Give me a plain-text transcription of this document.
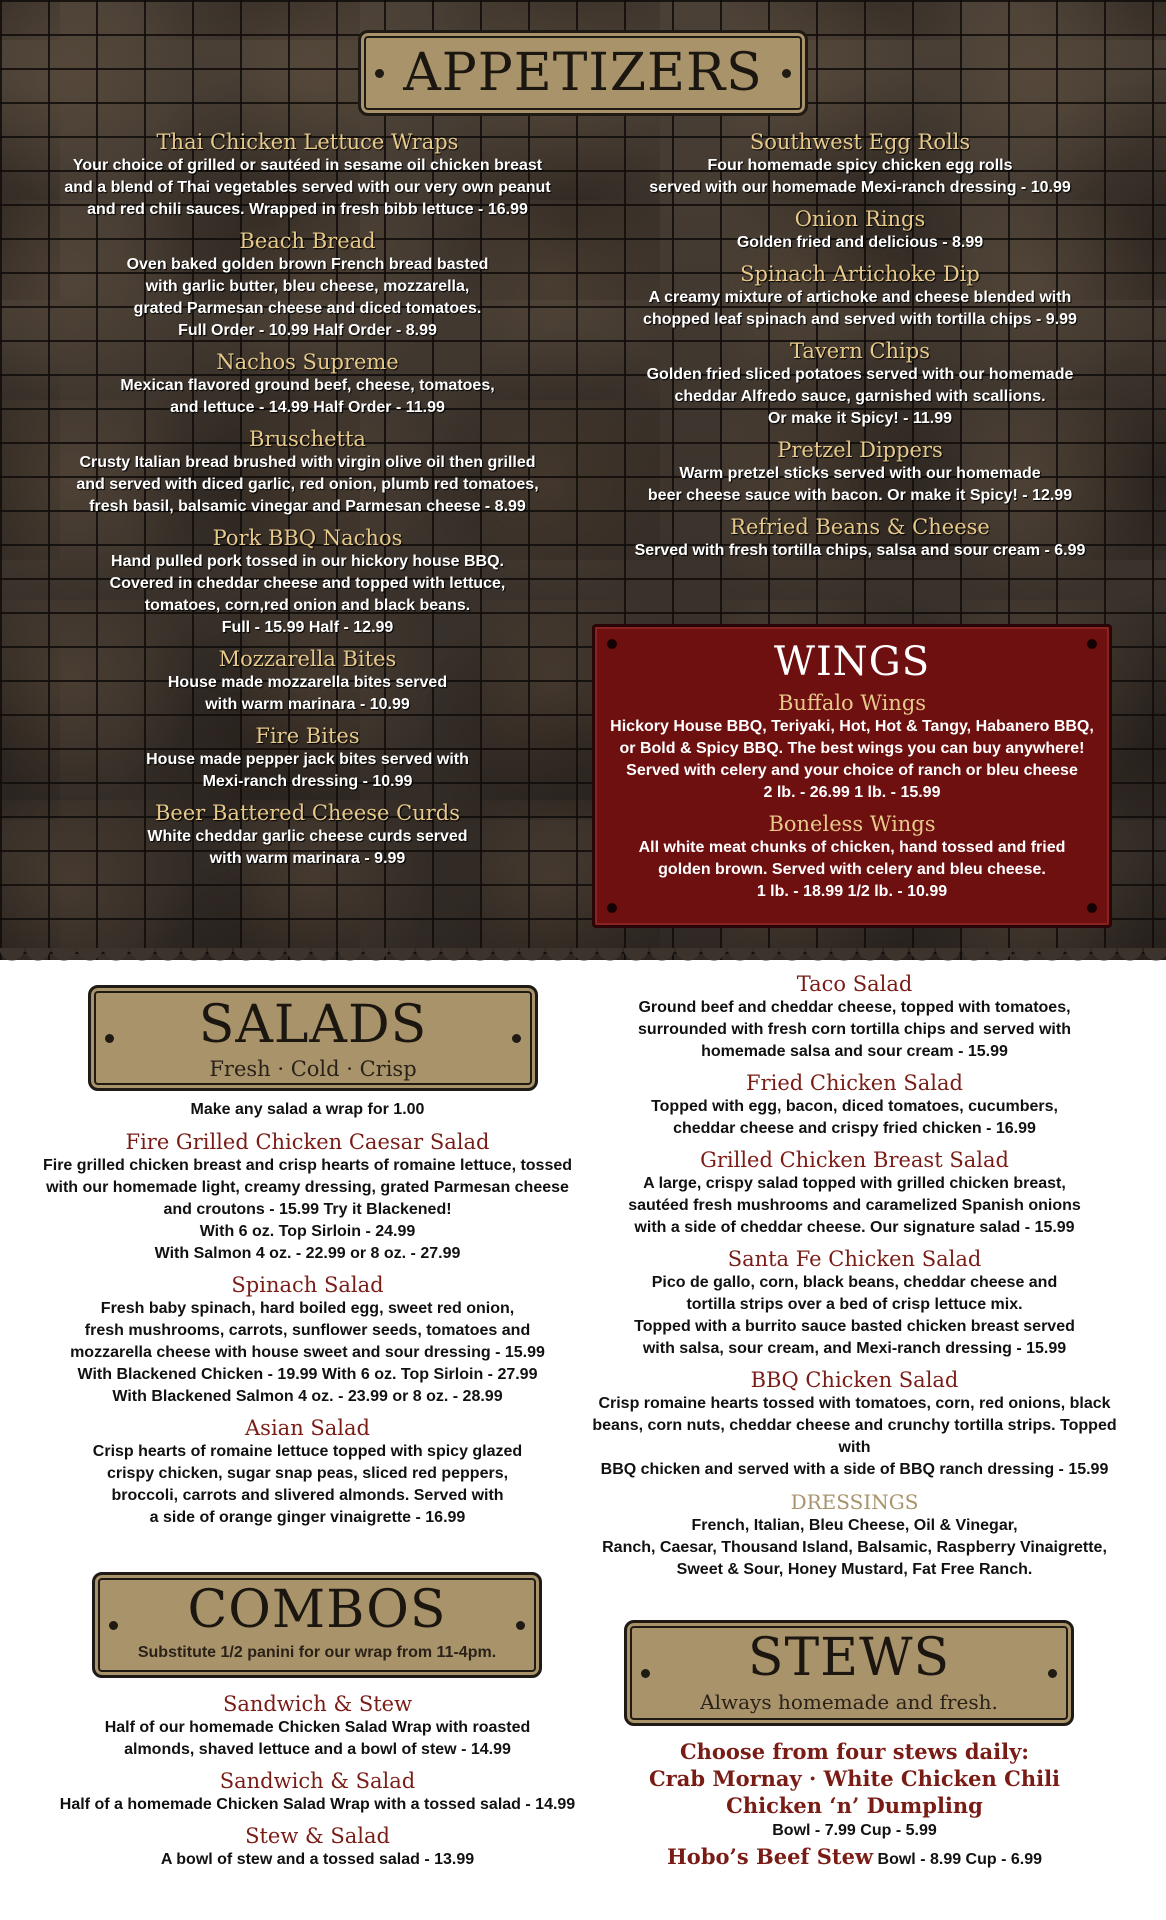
APPETIZERS
Thai Chicken Lettuce Wraps
Your choice of grilled or sautéed in sesame oil chicken breast
and a blend of Thai vegetables served with our very own peanut
and red chili sauces. Wrapped in fresh bibb lettuce - 16.99
Beach Bread
Oven baked golden brown French bread basted
with garlic butter, bleu cheese, mozzarella,
grated Parmesan cheese and diced tomatoes.
Full Order - 10.99 Half Order - 8.99
Nachos Supreme
Mexican flavored ground beef, cheese, tomatoes,
and lettuce - 14.99 Half Order - 11.99
Bruschetta
Crusty Italian bread brushed with virgin olive oil then grilled
and served with diced garlic, red onion, plumb red tomatoes,
fresh basil, balsamic vinegar and Parmesan cheese - 8.99
Pork BBQ Nachos
Hand pulled pork tossed in our hickory house BBQ.
Covered in cheddar cheese and topped with lettuce,
tomatoes, corn,red onion and black beans.
Full - 15.99 Half - 12.99
Mozzarella Bites
House made mozzarella bites served
with warm marinara - 10.99
Fire Bites
House made pepper jack bites served with
Mexi-ranch dressing - 10.99
Beer Battered Cheese Curds
White cheddar garlic cheese curds served
with warm marinara - 9.99
Southwest Egg Rolls
Four homemade spicy chicken egg rolls
served with our homemade Mexi-ranch dressing - 10.99
Onion Rings
Golden fried and delicious - 8.99
Spinach Artichoke Dip
A creamy mixture of artichoke and cheese blended with
chopped leaf spinach and served with tortilla chips - 9.99
Tavern Chips
Golden fried sliced potatoes served with our homemade
cheddar Alfredo sauce, garnished with scallions.
Or make it Spicy! - 11.99
Pretzel Dippers
Warm pretzel sticks served with our homemade
beer cheese sauce with bacon. Or make it Spicy! - 12.99
Refried Beans & Cheese
Served with fresh tortilla chips, salsa and sour cream - 6.99
WINGS
Buffalo Wings
Hickory House BBQ, Teriyaki, Hot, Hot & Tangy, Habanero BBQ,
or Bold & Spicy BBQ. The best wings you can buy anywhere!
Served with celery and your choice of ranch or bleu cheese
2 lb. - 26.99 1 lb. - 15.99
Boneless Wings
All white meat chunks of chicken, hand tossed and fried
golden brown. Served with celery and bleu cheese.
1 lb. - 18.99 1/2 lb. - 10.99
SALADS
Fresh · Cold · Crisp
Make any salad a wrap for 1.00
Fire Grilled Chicken Caesar Salad
Fire grilled chicken breast and crisp hearts of romaine lettuce, tossed
with our homemade light, creamy dressing, grated Parmesan cheese
and croutons - 15.99 Try it Blackened!
With 6 oz. Top Sirloin - 24.99
With Salmon 4 oz. - 22.99 or 8 oz. - 27.99
Spinach Salad
Fresh baby spinach, hard boiled egg, sweet red onion,
fresh mushrooms, carrots, sunflower seeds, tomatoes and
mozzarella cheese with house sweet and sour dressing - 15.99
With Blackened Chicken - 19.99 With 6 oz. Top Sirloin - 27.99
With Blackened Salmon 4 oz. - 23.99 or 8 oz. - 28.99
Asian Salad
Crisp hearts of romaine lettuce topped with spicy glazed
crispy chicken, sugar snap peas, sliced red peppers,
broccoli, carrots and slivered almonds. Served with
a side of orange ginger vinaigrette - 16.99
Taco Salad
Ground beef and cheddar cheese, topped with tomatoes,
surrounded with fresh corn tortilla chips and served with
homemade salsa and sour cream - 15.99
Fried Chicken Salad
Topped with egg, bacon, diced tomatoes, cucumbers,
cheddar cheese and crispy fried chicken - 16.99
Grilled Chicken Breast Salad
A large, crispy salad topped with grilled chicken breast,
sautéed fresh mushrooms and caramelized Spanish onions
with a side of cheddar cheese. Our signature salad - 15.99
Santa Fe Chicken Salad
Pico de gallo, corn, black beans, cheddar cheese and
tortilla strips over a bed of crisp lettuce mix.
Topped with a burrito sauce basted chicken breast served
with salsa, sour cream, and Mexi-ranch dressing - 15.99
BBQ Chicken Salad
Crisp romaine hearts tossed with tomatoes, corn, red onions, black
beans, corn nuts, cheddar cheese and crunchy tortilla strips. Topped with
BBQ chicken and served with a side of BBQ ranch dressing - 15.99
DRESSINGS
French, Italian, Bleu Cheese, Oil & Vinegar,
Ranch, Caesar, Thousand Island, Balsamic, Raspberry Vinaigrette,
Sweet & Sour, Honey Mustard, Fat Free Ranch.
COMBOS
Substitute 1/2 panini for our wrap from 11-4pm.
Sandwich & Stew
Half of our homemade Chicken Salad Wrap with roasted
almonds, shaved lettuce and a bowl of stew - 14.99
Sandwich & Salad
Half of a homemade Chicken Salad Wrap with a tossed salad - 14.99
Stew & Salad
A bowl of stew and a tossed salad - 13.99
STEWS
Always homemade and fresh.
Choose from four stews daily:
Crab Mornay · White Chicken Chili
Chicken ‘n’ Dumpling
Bowl - 7.99 Cup - 5.99
Hobo’s Beef Stew Bowl - 8.99 Cup - 6.99
